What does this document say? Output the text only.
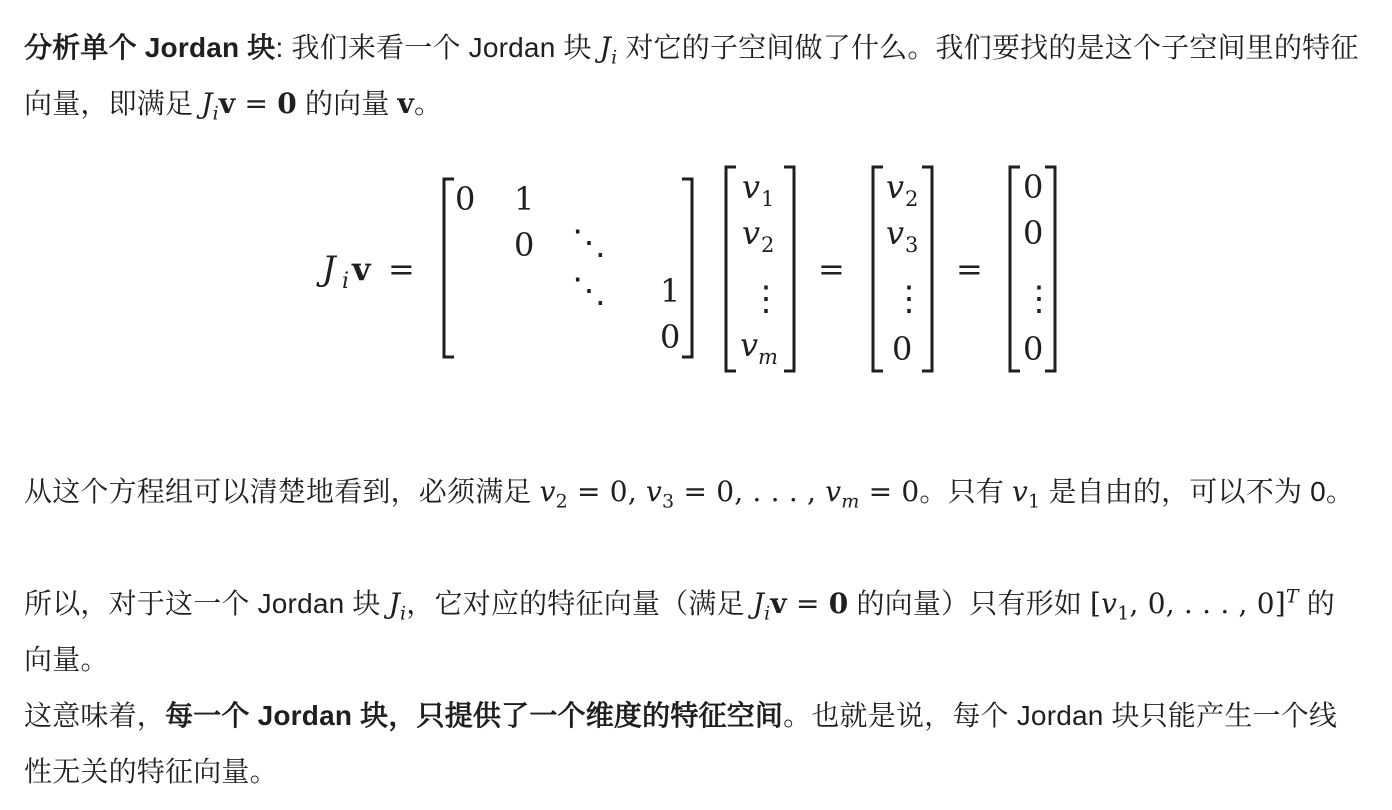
分析单个 Jordan 块: 我们来看一个 Jordan 块 $J_i$ 对它的子空间做了什么。我们要找的是这个子空间里的特征向量，即满足 $J_iv = 0$ 的向量 v。
J i v =
0 1
0 ⋱
⋱ 1
0
v 1
v 2
⋮
v m
=
v 2
v 3
⋮
0
=
0
0
⋮
0
从这个方程组可以清楚地看到，必须满足 $v_2 = 0$, $v_3 = 0$, . . . , $v_m = 0$。只有 $v_1$ 是自由的，可以不为 0。
所以，对于这一个 Jordan 块 $J_i$，它对应的特征向量（满足 $J_iv = 0$ 的向量）只有形如 [$v_1$, 0, . . . , 0]$^T$ 的向量。
这意味着，每一个 Jordan 块，只提供了一个维度的特征空间。也就是说，每个 Jordan 块只能产生一个线性无关的特征向量。
